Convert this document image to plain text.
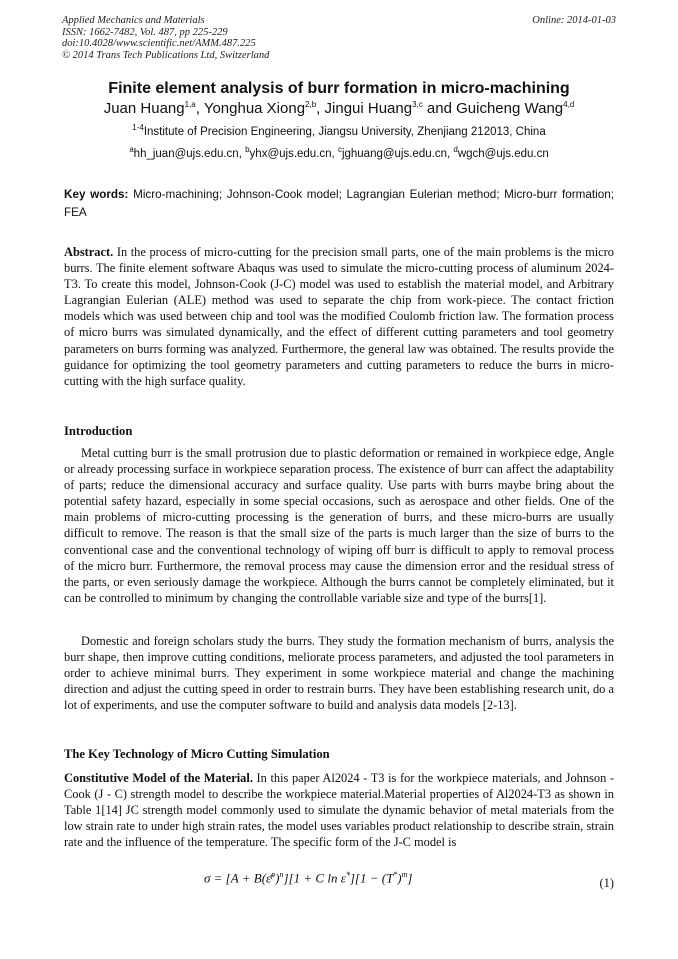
Applied Mechanics and Materials
ISSN: 1662-7482, Vol. 487, pp 225-229
doi:10.4028/www.scientific.net/AMM.487.225
© 2014 Trans Tech Publications Ltd, Switzerland
Online: 2014-01-03
Finite element analysis of burr formation in micro-machining
Juan Huang$^{1,a}$, Yonghua Xiong$^{2,b}$, Jingui Huang$^{3,c}$ and Guicheng Wang$^{4,d}$
$^{1-4}$Institute of Precision Engineering, Jiangsu University, Zhenjiang 212013, China
$^a$hh_juan@ujs.edu.cn, $^b$yhx@ujs.edu.cn, $^c$jghuang@ujs.edu.cn, $^d$wgch@ujs.edu.cn
Key words: Micro-machining; Johnson-Cook model; Lagrangian Eulerian method; Micro-burr formation; FEA

Abstract. In the process of micro-cutting for the precision small parts, one of the main problems is the micro burrs. The finite element software Abaqus was used to simulate the micro-cutting process of aluminum 2024-T3. To create this model, Johnson-Cook (J-C) model was used to establish the material model, and Arbitrary Lagrangian Eulerian (ALE) method was used to separate the chip from work-piece. The contact friction models which was used between chip and tool was the modified Coulomb friction law. The formation process of micro burrs was simulated dynamically, and the effect of different cutting parameters and tool geometry parameters on burrs forming was analyzed. Furthermore, the general law was obtained. The results provide the guidance for optimizing the tool geometry parameters and cutting parameters to reduce the burrs in micro-cutting with the high surface quality.

Introduction

Metal cutting burr is the small protrusion due to plastic deformation or remained in workpiece edge, Angle or already processing surface in workpiece separation process. The existence of burr can affect the adaptability of parts; reduce the dimensional accuracy and surface quality. Use parts with burrs maybe bring about the potential safety hazard, especially in some special occasions, such as aerospace and other fields. One of the main problems of micro-cutting processing is the generation of burrs, and these micro-burrs are usually difficult to remove. The reason is that the small size of the parts is much larger than the size of burrs to the conventional case and the conventional technology of wiping off burr is difficult to apply to removal process of the micro burr. Furthermore, the removal process may cause the dimension error and the residual stress of the parts, or even seriously damage the workpiece. Although the burrs cannot be completely eliminated, but it can be controlled to minimum by changing the controllable variable size and type of the burrs[1].

Domestic and foreign scholars study the burrs. They study the formation mechanism of burrs, analysis the burr shape, then improve cutting conditions, meliorate process parameters, and adjusted the tool parameters in order to achieve minimal burrs. They experiment in some workpiece material and change the machining direction and adjust the cutting speed in order to restrain burrs. They have been establishing research unit, do a lot of experiments, and use the computer software to build and analysis data models [2-13].

The Key Technology of Micro Cutting Simulation

Constitutive Model of the Material. In this paper Al2024 - T3 is for the workpiece materials, and Johnson - Cook (J - C) strength model to describe the workpiece material.Material properties of Al2024-T3 as shown in Table 1[14] JC strength model commonly used to simulate the dynamic behavior of metal materials from the low strain rate to under high strain rates, the model uses variables product relationship to describe strain, strain rate and the influence of the temperature. The specific form of the J-C model is

σ = [A + B(ε̄$^p$)$^n$][1 + C ln ε̇*][1 − $(T^*)^m$]	(1)
